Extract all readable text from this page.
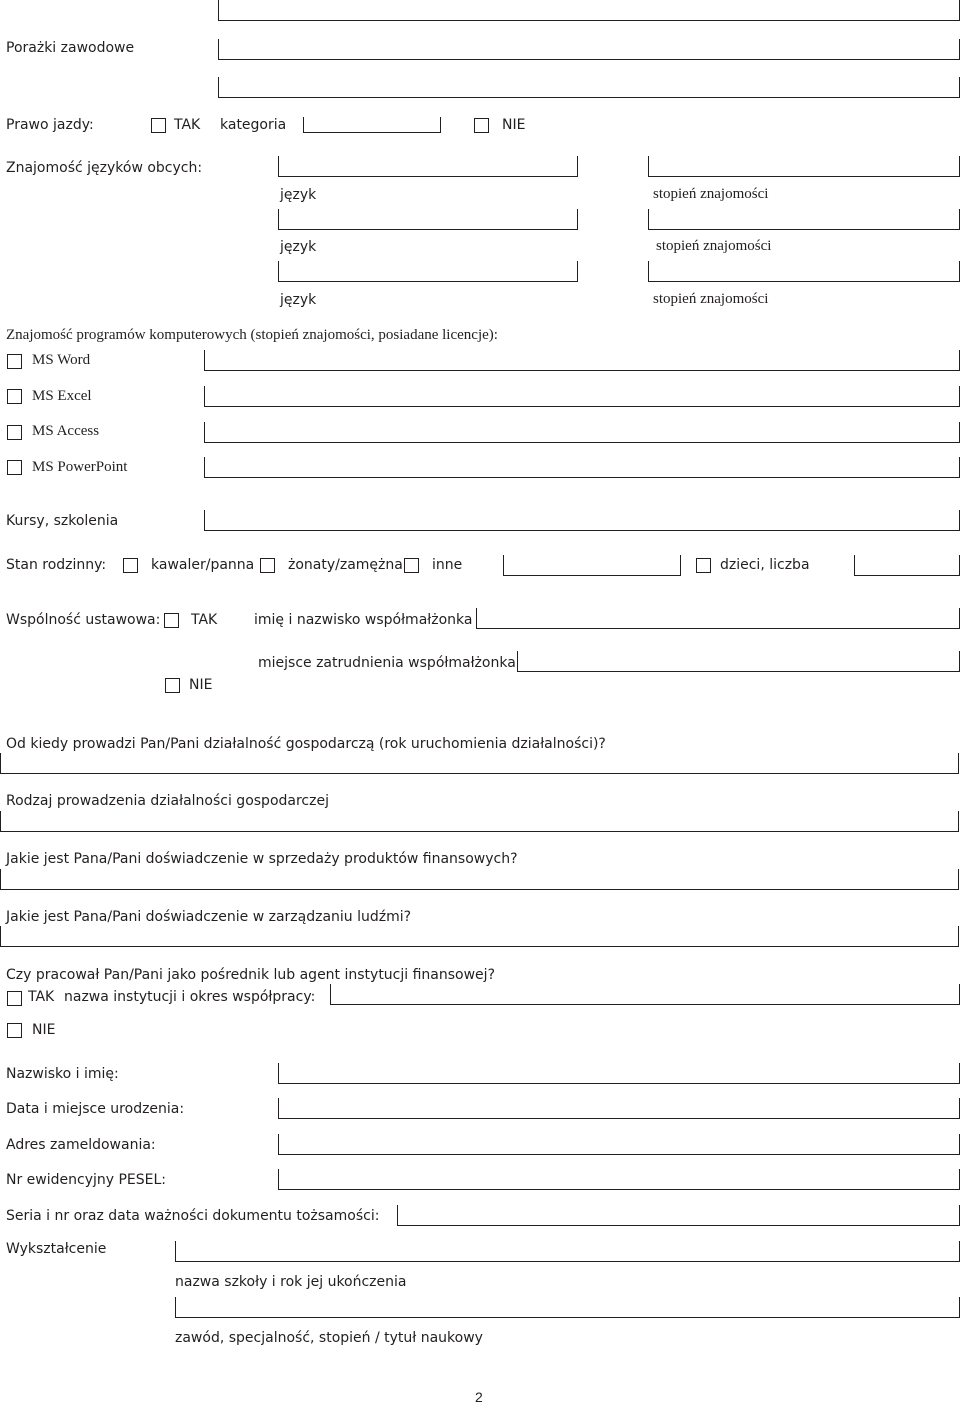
Porażki zawodowe
Prawo jazdy:	TAK kategoria	NIE
Znajomość języków obcych:
język	stopień znajomości
język	stopień znajomości
język	stopień znajomości
Znajomość programów komputerowych (stopień znajomości, posiadane licencje):
MS Word
MS Excel
MS Access
MS PowerPoint
Kursy, szkolenia
Stan rodzinny:	kawaler/panna żonaty/zamężna inne	dzieci, liczba
Wspólność ustawowa: TAK	imię i nazwisko współmałżonka
miejsce zatrudnienia współmałżonka
NIE
Od kiedy prowadzi Pan/Pani działalność gospodarczą (rok uruchomienia działalności)?
Rodzaj prowadzenia działalności gospodarczej
Jakie jest Pana/Pani doświadczenie w sprzedaży produktów finansowych?
Jakie jest Pana/Pani doświadczenie w zarządzaniu ludźmi?
Czy pracował Pan/Pani jako pośrednik lub agent instytucji finansowej?
TAK nazwa instytucji i okres współpracy:
NIE
Nazwisko i imię:
Data i miejsce urodzenia:
Adres zameldowania:
Nr ewidencyjny PESEL:
Seria i nr oraz data ważności dokumentu tożsamości:
Wykształcenie
nazwa szkoły i rok jej ukończenia
zawód, specjalność, stopień / tytuł naukowy
2
